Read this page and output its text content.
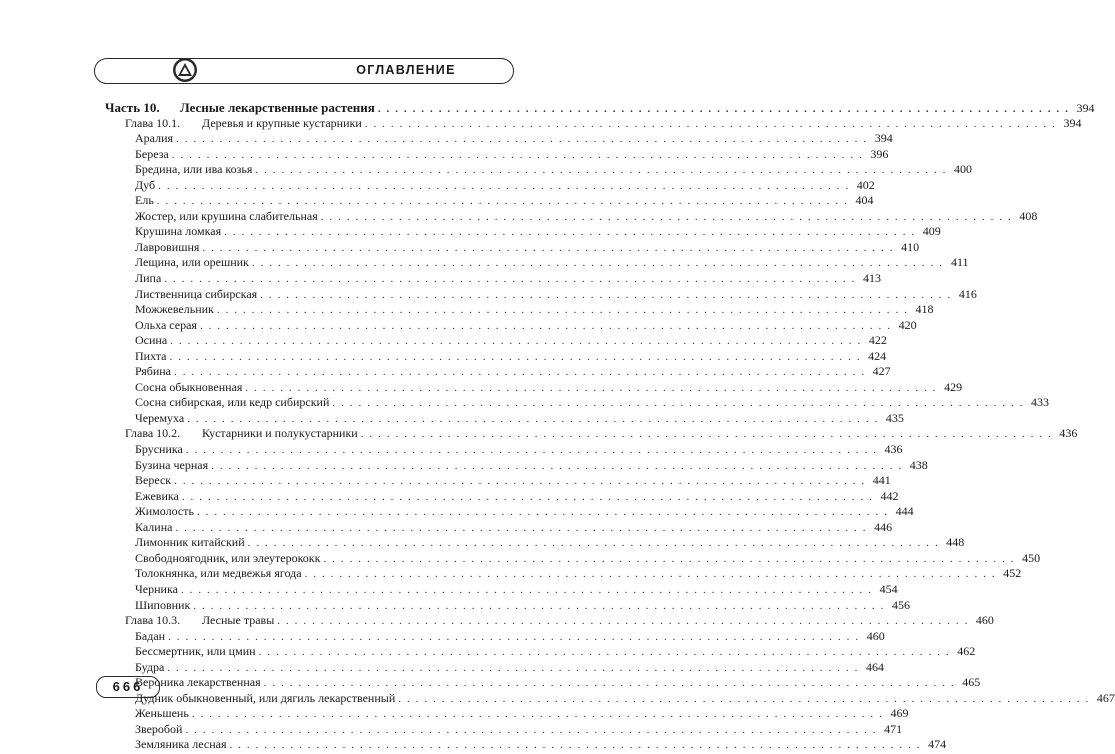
ОГЛАВЛЕНИЕ
Часть 10.	Лесные лекарственные растения . . . . . . . . . . . . . . . . . . . . . . . . . . . . . . . . . . . . . . . . . . . . . . . . . . . . . . . . . . . . . . . . . . . . . . . . . . . . . . . . 394
Глава 10.1.	Деревья и крупные кустарники . . . . . . . . . . . . . . . . . . . . . . . . . . . . . . . . . . . . . . . . . . . . . . . . . . . . . . . . . . . . . . . . . . . . . . . . . . . . . . . . 394
Аралия . . . . . . . . . . . . . . . . . . . . . . . . . . . . . . . . . . . . . . . . . . . . . . . . . . . . . . . . . . . . . . . . . . . . . . . . . . . . . . . . 394
Береза . . . . . . . . . . . . . . . . . . . . . . . . . . . . . . . . . . . . . . . . . . . . . . . . . . . . . . . . . . . . . . . . . . . . . . . . . . . . . . . . 396
Бредина, или ива козья . . . . . . . . . . . . . . . . . . . . . . . . . . . . . . . . . . . . . . . . . . . . . . . . . . . . . . . . . . . . . . . . . . . . . . . . . . . . . . . . 400
Дуб . . . . . . . . . . . . . . . . . . . . . . . . . . . . . . . . . . . . . . . . . . . . . . . . . . . . . . . . . . . . . . . . . . . . . . . . . . . . . . . . 402
Ель . . . . . . . . . . . . . . . . . . . . . . . . . . . . . . . . . . . . . . . . . . . . . . . . . . . . . . . . . . . . . . . . . . . . . . . . . . . . . . . . 404
Жостер, или крушина слабительная . . . . . . . . . . . . . . . . . . . . . . . . . . . . . . . . . . . . . . . . . . . . . . . . . . . . . . . . . . . . . . . . . . . . . . . . . . . . . . . . 408
Крушина ломкая . . . . . . . . . . . . . . . . . . . . . . . . . . . . . . . . . . . . . . . . . . . . . . . . . . . . . . . . . . . . . . . . . . . . . . . . . . . . . . . . 409
Лавровишня . . . . . . . . . . . . . . . . . . . . . . . . . . . . . . . . . . . . . . . . . . . . . . . . . . . . . . . . . . . . . . . . . . . . . . . . . . . . . . . . 410
Лещина, или орешник . . . . . . . . . . . . . . . . . . . . . . . . . . . . . . . . . . . . . . . . . . . . . . . . . . . . . . . . . . . . . . . . . . . . . . . . . . . . . . . . 411
Липа . . . . . . . . . . . . . . . . . . . . . . . . . . . . . . . . . . . . . . . . . . . . . . . . . . . . . . . . . . . . . . . . . . . . . . . . . . . . . . . . 413
Лиственница сибирская . . . . . . . . . . . . . . . . . . . . . . . . . . . . . . . . . . . . . . . . . . . . . . . . . . . . . . . . . . . . . . . . . . . . . . . . . . . . . . . . 416
Можжевельник . . . . . . . . . . . . . . . . . . . . . . . . . . . . . . . . . . . . . . . . . . . . . . . . . . . . . . . . . . . . . . . . . . . . . . . . . . . . . . . . 418
Ольха серая . . . . . . . . . . . . . . . . . . . . . . . . . . . . . . . . . . . . . . . . . . . . . . . . . . . . . . . . . . . . . . . . . . . . . . . . . . . . . . . . 420
Осина . . . . . . . . . . . . . . . . . . . . . . . . . . . . . . . . . . . . . . . . . . . . . . . . . . . . . . . . . . . . . . . . . . . . . . . . . . . . . . . . 422
Пихта . . . . . . . . . . . . . . . . . . . . . . . . . . . . . . . . . . . . . . . . . . . . . . . . . . . . . . . . . . . . . . . . . . . . . . . . . . . . . . . . 424
Рябина . . . . . . . . . . . . . . . . . . . . . . . . . . . . . . . . . . . . . . . . . . . . . . . . . . . . . . . . . . . . . . . . . . . . . . . . . . . . . . . . 427
Сосна обыкновенная . . . . . . . . . . . . . . . . . . . . . . . . . . . . . . . . . . . . . . . . . . . . . . . . . . . . . . . . . . . . . . . . . . . . . . . . . . . . . . . . 429
Сосна сибирская, или кедр сибирский . . . . . . . . . . . . . . . . . . . . . . . . . . . . . . . . . . . . . . . . . . . . . . . . . . . . . . . . . . . . . . . . . . . . . . . . . . . . . . . . 433
Черемуха . . . . . . . . . . . . . . . . . . . . . . . . . . . . . . . . . . . . . . . . . . . . . . . . . . . . . . . . . . . . . . . . . . . . . . . . . . . . . . . . 435
Глава 10.2.	Кустарники и полукустарники . . . . . . . . . . . . . . . . . . . . . . . . . . . . . . . . . . . . . . . . . . . . . . . . . . . . . . . . . . . . . . . . . . . . . . . . . . . . . . . . 436
Брусника . . . . . . . . . . . . . . . . . . . . . . . . . . . . . . . . . . . . . . . . . . . . . . . . . . . . . . . . . . . . . . . . . . . . . . . . . . . . . . . . 436
Бузина черная . . . . . . . . . . . . . . . . . . . . . . . . . . . . . . . . . . . . . . . . . . . . . . . . . . . . . . . . . . . . . . . . . . . . . . . . . . . . . . . . 438
Вереск . . . . . . . . . . . . . . . . . . . . . . . . . . . . . . . . . . . . . . . . . . . . . . . . . . . . . . . . . . . . . . . . . . . . . . . . . . . . . . . . 441
Ежевика . . . . . . . . . . . . . . . . . . . . . . . . . . . . . . . . . . . . . . . . . . . . . . . . . . . . . . . . . . . . . . . . . . . . . . . . . . . . . . . . 442
Жимолость . . . . . . . . . . . . . . . . . . . . . . . . . . . . . . . . . . . . . . . . . . . . . . . . . . . . . . . . . . . . . . . . . . . . . . . . . . . . . . . . 444
Калина . . . . . . . . . . . . . . . . . . . . . . . . . . . . . . . . . . . . . . . . . . . . . . . . . . . . . . . . . . . . . . . . . . . . . . . . . . . . . . . . 446
Лимонник китайский . . . . . . . . . . . . . . . . . . . . . . . . . . . . . . . . . . . . . . . . . . . . . . . . . . . . . . . . . . . . . . . . . . . . . . . . . . . . . . . . 448
Свободноягодник, или элеутерококк . . . . . . . . . . . . . . . . . . . . . . . . . . . . . . . . . . . . . . . . . . . . . . . . . . . . . . . . . . . . . . . . . . . . . . . . . . . . . . . . 450
Толокнянка, или медвежья ягода . . . . . . . . . . . . . . . . . . . . . . . . . . . . . . . . . . . . . . . . . . . . . . . . . . . . . . . . . . . . . . . . . . . . . . . . . . . . . . . . 452
Черника . . . . . . . . . . . . . . . . . . . . . . . . . . . . . . . . . . . . . . . . . . . . . . . . . . . . . . . . . . . . . . . . . . . . . . . . . . . . . . . . 454
Шиповник . . . . . . . . . . . . . . . . . . . . . . . . . . . . . . . . . . . . . . . . . . . . . . . . . . . . . . . . . . . . . . . . . . . . . . . . . . . . . . . . 456
Глава 10.3.	Лесные травы . . . . . . . . . . . . . . . . . . . . . . . . . . . . . . . . . . . . . . . . . . . . . . . . . . . . . . . . . . . . . . . . . . . . . . . . . . . . . . . . 460
Бадан . . . . . . . . . . . . . . . . . . . . . . . . . . . . . . . . . . . . . . . . . . . . . . . . . . . . . . . . . . . . . . . . . . . . . . . . . . . . . . . . 460
Бессмертник, или цмин . . . . . . . . . . . . . . . . . . . . . . . . . . . . . . . . . . . . . . . . . . . . . . . . . . . . . . . . . . . . . . . . . . . . . . . . . . . . . . . . 462
Будра . . . . . . . . . . . . . . . . . . . . . . . . . . . . . . . . . . . . . . . . . . . . . . . . . . . . . . . . . . . . . . . . . . . . . . . . . . . . . . . . 464
Вероника лекарственная . . . . . . . . . . . . . . . . . . . . . . . . . . . . . . . . . . . . . . . . . . . . . . . . . . . . . . . . . . . . . . . . . . . . . . . . . . . . . . . . 465
Дудник обыкновенный, или дягиль лекарственный . . . . . . . . . . . . . . . . . . . . . . . . . . . . . . . . . . . . . . . . . . . . . . . . . . . . . . . . . . . . . . . . . . . . . . . . . . . . . . . . 467
Женьшень . . . . . . . . . . . . . . . . . . . . . . . . . . . . . . . . . . . . . . . . . . . . . . . . . . . . . . . . . . . . . . . . . . . . . . . . . . . . . . . . 469
Зверобой . . . . . . . . . . . . . . . . . . . . . . . . . . . . . . . . . . . . . . . . . . . . . . . . . . . . . . . . . . . . . . . . . . . . . . . . . . . . . . . . 471
Земляника лесная . . . . . . . . . . . . . . . . . . . . . . . . . . . . . . . . . . . . . . . . . . . . . . . . . . . . . . . . . . . . . . . . . . . . . . . . . . . . . . . . 474
666
